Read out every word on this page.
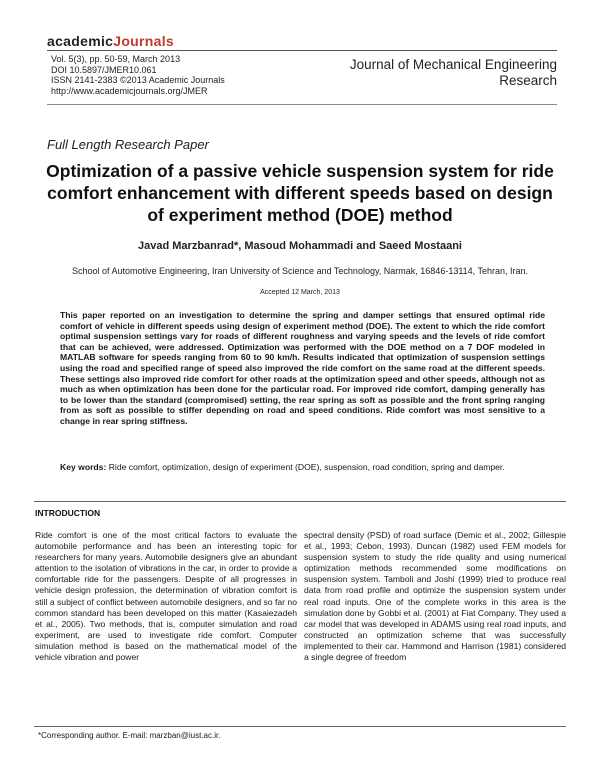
academicJournals
Vol. 5(3), pp. 50-59, March 2013
DOI 10.5897/JMER10.061
ISSN 2141-2383 ©2013 Academic Journals
http://www.academicjournals.org/JMER
Journal of Mechanical Engineering
Research
Full Length Research Paper
Optimization of a passive vehicle suspension system for ride comfort enhancement with different speeds based on design of experiment method (DOE) method
Javad Marzbanrad*, Masoud Mohammadi and Saeed Mostaani
School of Automotive Engineering, Iran University of Science and Technology, Narmak, 16846-13114, Tehran, Iran.
Accepted 12 March, 2013
This paper reported on an investigation to determine the spring and damper settings that ensured optimal ride comfort of vehicle in different speeds using design of experiment method (DOE). The extent to which the ride comfort optimal suspension settings vary for roads of different roughness and varying speeds and the levels of ride comfort that can be achieved, were addressed. Optimization was performed with the DOE method on a 7 DOF modeled in MATLAB software for speeds ranging from 60 to 90 km/h. Results indicated that optimization of suspension settings using the road and specified range of speed also improved the ride comfort on the same road at the different speeds. These settings also improved ride comfort for other roads at the optimization speed and other speeds, although not as much as when optimization has been done for the particular road. For improved ride comfort, damping generally has to be lower than the standard (compromised) setting, the rear spring as soft as possible and the front spring ranging from as soft as possible to stiffer depending on road and speed conditions. Ride comfort was most sensitive to a change in rear spring stiffness.
Key words: Ride comfort, optimization, design of experiment (DOE), suspension, road condition, spring and damper.
INTRODUCTION
Ride comfort is one of the most critical factors to evaluate the automobile performance and has been an interesting topic for researchers for many years. Automobile designers give an abundant attention to the isolation of vibrations in the car, in order to provide a comfortable ride for the passengers. Despite of all progresses in vehicle design profession, the determination of vibration comfort is still a subject of conflict between automobile designers, and so far no common standard has been developed on this matter (Kasaiezadeh et al., 2005). Two methods, that is, computer simulation and road experiment, are used to investigate ride comfort. Computer simulation method is based on the mathematical model of the vehicle vibration and power
spectral density (PSD) of road surface (Demic et al., 2002; Gillespie et al., 1993; Cebon, 1993). Duncan (1982) used FEM models for suspension system to study the ride quality and using numerical optimization methods recommended some modifications on suspension system. Tamboli and Joshi (1999) tried to produce real data from road profile and optimize the suspension system under real road inputs. One of the complete works in this area is the simulation done by Gobbi et al. (2001) at Fiat Company. They used a car model that was developed in ADAMS using real road inputs, and constructed an optimization scheme that was successfully implemented to their car. Hammond and Harrison (1981) considered a single degree of freedom
*Corresponding author. E-mail: marzban@iust.ac.ir.
